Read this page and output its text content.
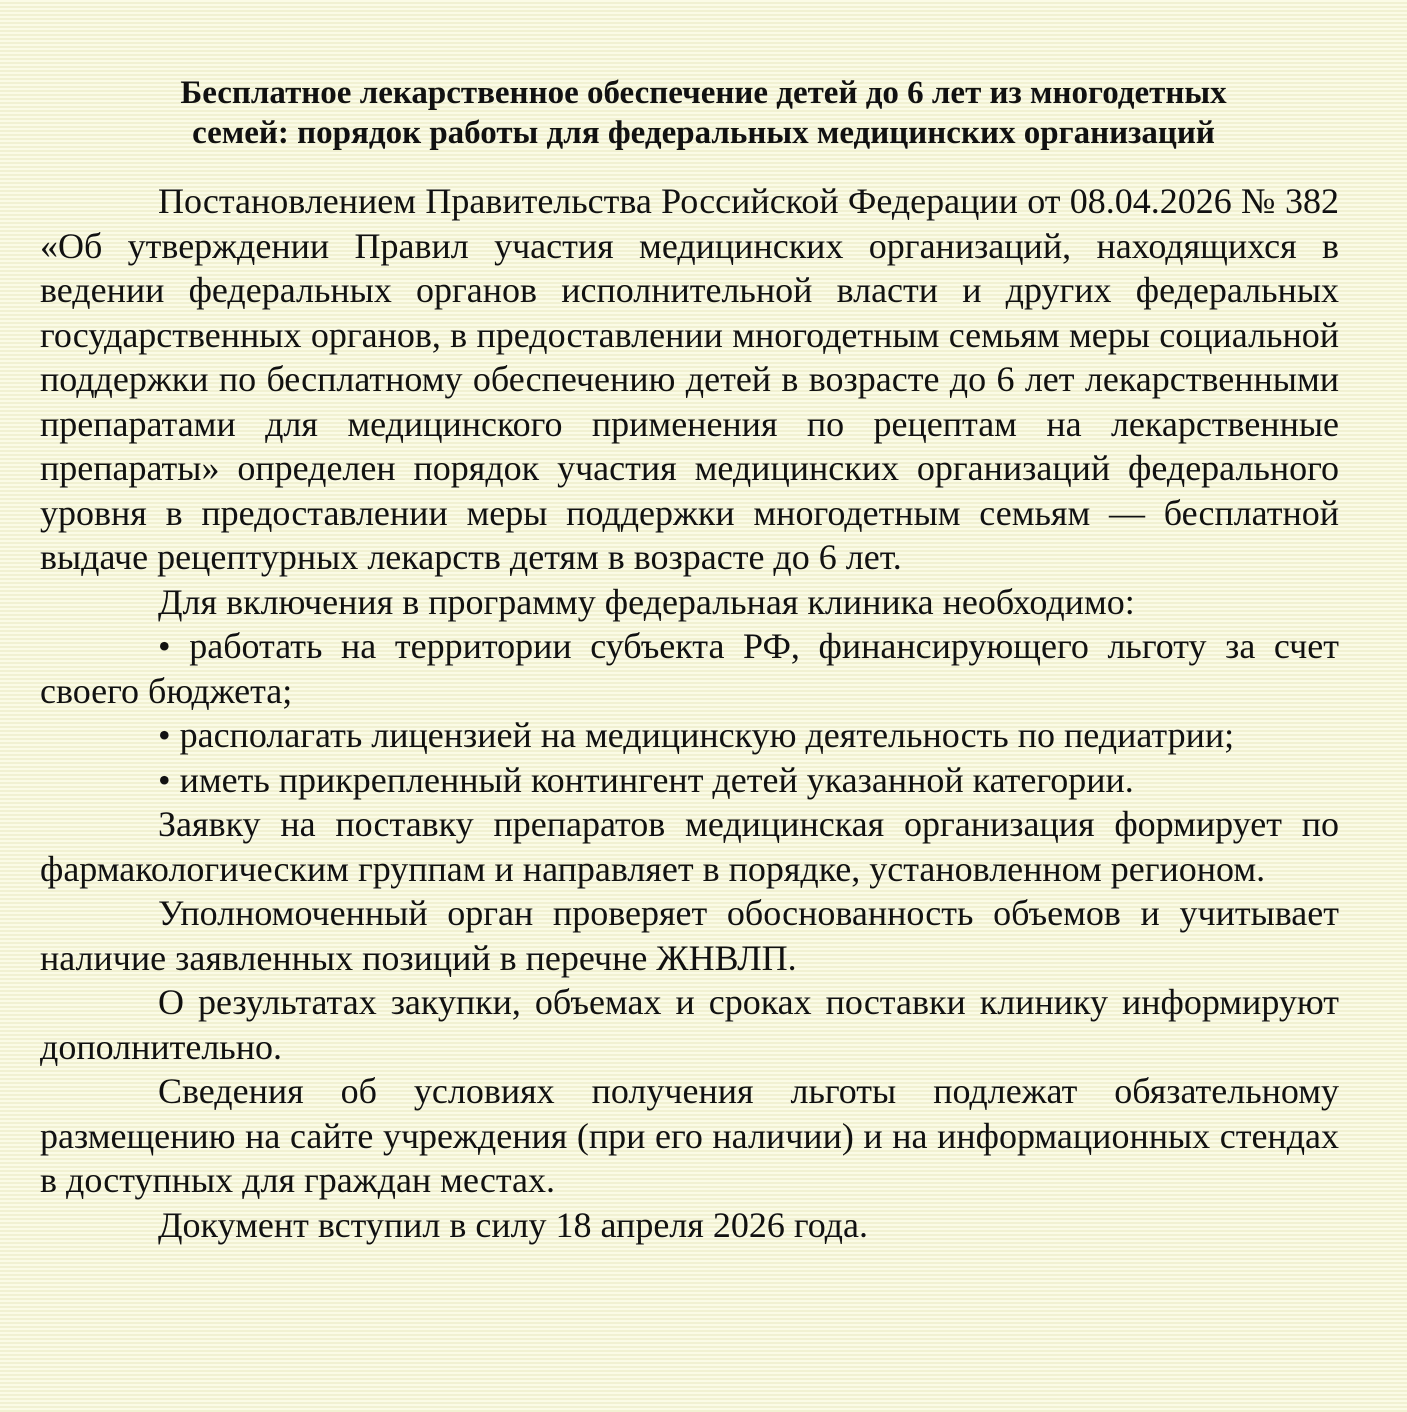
Бесплатное лекарственное обеспечение детей до 6 лет из многодетных
семей: порядок работы для федеральных медицинских организаций

Постановлением Правительства Российской Федерации от 08.04.2026 № 382 «Об утверждении Правил участия медицинских организаций, находящихся в ведении федеральных органов исполнительной власти и других федеральных государственных органов, в предоставлении многодетным семьям меры социальной поддержки по бесплатному обеспечению детей в возрасте до 6 лет лекарственными препаратами для медицинского применения по рецептам на лекарственные препараты» определен порядок участия медицинских организаций федерального уровня в предоставлении меры поддержки многодетным семьям — бесплатной выдаче рецептурных лекарств детям в возрасте до 6 лет.

Для включения в программу федеральная клиника необходимо:

• работать на территории субъекта РФ, финансирующего льготу за счет своего бюджета;

• располагать лицензией на медицинскую деятельность по педиатрии;

• иметь прикрепленный контингент детей указанной категории.

Заявку на поставку препаратов медицинская организация формирует по фармакологическим группам и направляет в порядке, установленном регионом.

Уполномоченный орган проверяет обоснованность объемов и учитывает наличие заявленных позиций в перечне ЖНВЛП.

О результатах закупки, объемах и сроках поставки клинику информируют дополнительно.

Сведения об условиях получения льготы подлежат обязательному размещению на сайте учреждения (при его наличии) и на информационных стендах в доступных для граждан местах.

Документ вступил в силу 18 апреля 2026 года.
